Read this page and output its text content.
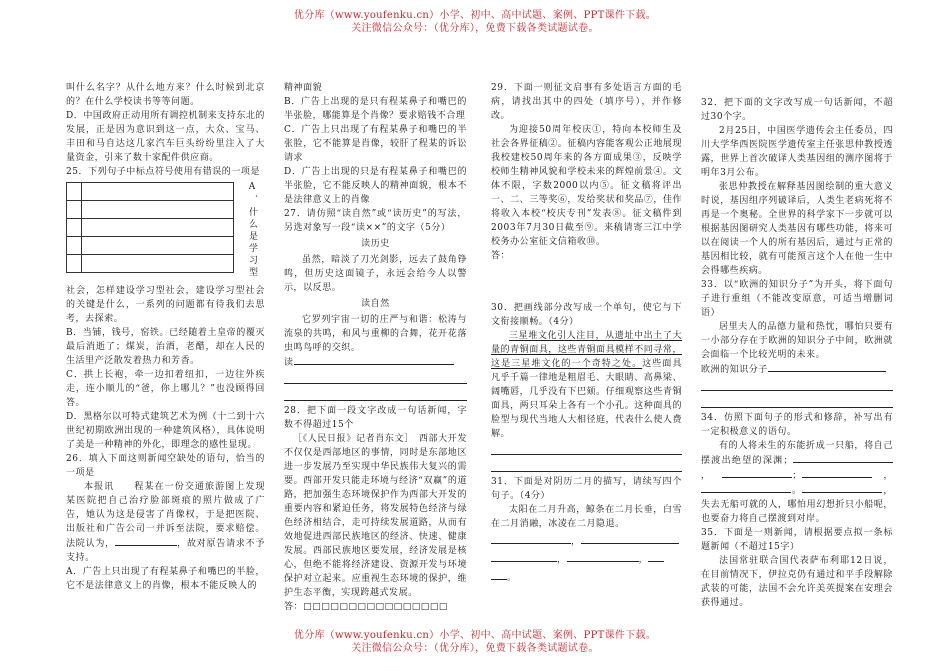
优分库（www.youfenku.cn）小学、初中、高中试题、案例、PPT课件下载。
关注微信公众号：（优分库），免费下载各类试题试卷。

叫什么名字？从什么地方来？什么时候到北京的？在什么学校读书等等问题。

D．中国政府正动用所有调控机制来支持东北的发展，正是因为意识到这一点，大众、宝马、丰田和马自达这几家汽车巨头纷纷里注入了大量资金，引来了数十家配件供应商。

25．下列句子中标点符号使用有错误的一项是

A．什么是学习型

社会，怎样建设学习型社会，建设学习型社会的关键是什么，一系列的问题都有待我们去思考，去探索。

B．当铺，钱号，窑铁。已经随着土皇帝的覆灭最后消逝了；煤炭，治酒，老醋，却在人民的生活里产泛散发着热力和芳香。

C．拱上长袍，牵一边扣着纽扣，一边往外疾走，连小顺儿的“爸，你上哪儿？”也没顾得回答。

D．黑格尔以可特式建筑艺术为例（十二到十六世纪初期欧洲出现的一种建筑风格），具体说明了美是一种精神的外化，即理念的感性显现。

26．填入下面这则新闻空缺处的语句，恰当的一项是

本报讯　　程某在一份交通旅游图上发现某医院把自己治疗脸部斑痕的照片做成了广告，她认为这是侵害了肖像权，于是把医院、出版社和广告公司一并诉至法院，要求赔偿。法院认为，	，故对原告请求不予支持。

A．广告上只出现了有程某鼻子和嘴巴的半脸，它不是法律意义上的肖像，根本不能反映人的

精神面貌

B．广告上出现的是只有程某鼻子和嘴巴的半张脸，哪能算是个肖像？要求赔钱不合理

C．广告上只出现了有程某鼻子和嘴巴的半张脸，它不能算是肖像，较肝了程某的诉讼请求

D．广告上出现的只是有程某鼻子和嘴巴的半张脸，它不能反映人的精神面貌，根本不是法律意义上的肖像

27．请仿照“读自然”或“读历史”的写法，另选对象写一段“读××”的文字（5分）

读历史

虽然，暗淡了刀光剑影，远去了鼓角铮鸣，但历史这面镜子，永远会给今人以警示，以反思。

读自然

它罗列宇宙一切的庄严与和谐：松涛与流泉的共鸣，和风与重柳的合舞，花开花落虫鸣鸟呼的交织。

读

28．把下面一段文字改成一句话新闻，字数不得超过15个

［《人民日报》记者肖东文］　西部大开发不仅仅是西部地区的事情，同时是东部地区进一步发展乃至实现中华民族伟大复兴的需要。西部开发只能走环境与经济“双赢”的道路，把加强生态环境保护作为西部大开发的重要内容和紧迫任务，将发展特色经济与绿色经济相结合，走可持续发展道路，从而有效地促进西部民族地区的经济、快速、健康发展。西部民族地区要发展，经济发展是核心，但绝不能将经济建设、资源开发与环境保护对立起来。应重视生态环境的保护，维护生态平衡，实现跨越式发展。

答：□□□□□□□□□□□□□□□□

29．下面一则征文启事有多处语言方面的毛病，请找出其中的四处（填序号），并作修改。

为迎接50周年校庆①，特向本校师生及社会各界征稿②。征稿内容能客观公正地展现我校建校50周年来的各方面成果③，反映学校师生精神风貌和学校未来的辉煌前景④。文体不限，字数2000以内⑤。征文稿将评出一、二、三等奖⑥，发给奖状和奖品⑦，佳作将收入本校“校庆专刊”发表⑧。征文稿件到2003年7月30日截至⑨。来稿请寄三江中学校务办公室征文信箱收⑩。

答：

30．把画线部分改写成一个单句，使它与下文衔接顺畅。（4分）

三星堆文化引人注目，从遗址中出土了大量的青铜面具，这些青铜面具模样不同寻常，这是三星堆文化的一个奇特之处。这些面具凡乎千篇一律地是粗眉毛、大眼睛、高鼻梁、阔嘴唇，几乎没有下巴颏。仔细观察这些青铜面具，两只耳朵上各有一个小孔。这种面具的脸型与现代当地人大相径庭，代表什么使人费解。

31．下面是对阴历二月的描写，请续写四个句子。（4分）

太阳在二月升高，鲸条在二月长垂，白雪在二月消融，冰凌在二月隐退。

，

，	，

。

32．把下面的文字改写成一句话新闻，不超过30个字。

2月25日，中国医学遗传会主任委员，四川大学华西医院医学遗传室主任张思仲教授透露，世界上首次破译人类基因组的测序图将于明年3月公布。

张思仲教授在解释基因图绘制的重大意义时说，基因组序列破译后，人类生老病死将不再是一个奥秘。全世界的科学家下一步就可以根据基因图研究人类基因有哪些功能，将来可以在阅读一个人的所有基因后，通过与正常的基因相比较，就有可能预言这个人在他一生中会得哪些疾病。

33．以“欧洲的知识分子”为开头，将下面句子进行重组（不能改变原意，可适当增删词语）

居里夫人的品德力量和热忱，哪怕只要有一小部分存在于欧洲的知识分子中间，欧洲就会面临一个比较光明的未来。

欧洲的知识分子

34．仿照下面句子的形式和修辞，补写出有一定积极意义的语句。

有的人将未生的东能折成一只船，将自己摆渡出绝望的深渊；，	；	，。	，失去无船可就的人，哪怕用幻想折只小船呢，也要奋力将自己摆渡到对岸。

35．下面是一则新闻，请根据要点拟一条标题新闻（不超过15字）

法国常驻联合国代表萨布利耶12日说，在目前情况下，伊拉克仍有通过和平手段解除武装的可能，法国不会允许美英提案在安理会获得通过。

优分库（www.youfenku.cn）小学、初中、高中试题、案例、PPT课件下载。
关注微信公众号：（优分库），免费下载各类试题试卷。
